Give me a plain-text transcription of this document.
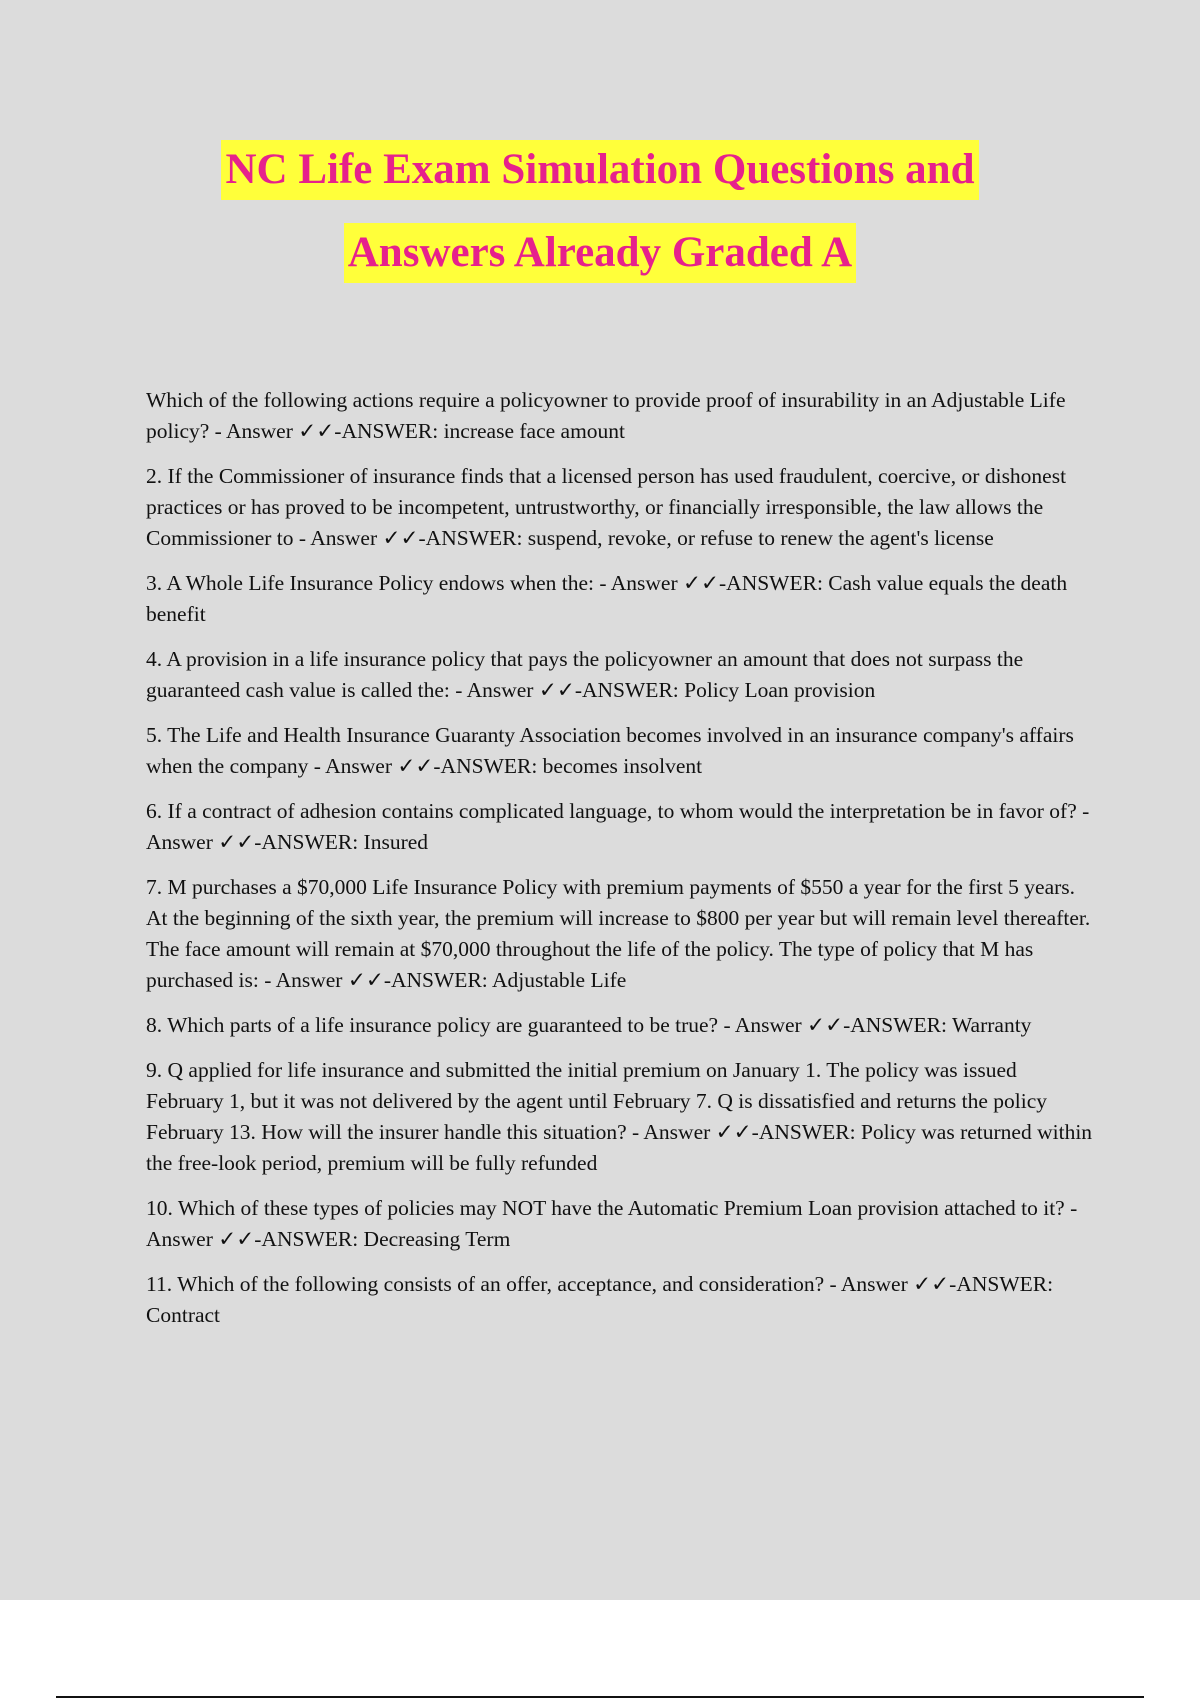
NC Life Exam Simulation Questions and
Answers Already Graded A

Which of the following actions require a policyowner to provide proof of insurability in an Adjustable Life policy? - Answer ✓✓-ANSWER: increase face amount

2. If the Commissioner of insurance finds that a licensed person has used fraudulent, coercive, or dishonest practices or has proved to be incompetent, untrustworthy, or financially irresponsible, the law allows the Commissioner to - Answer ✓✓-ANSWER: suspend, revoke, or refuse to renew the agent's license

3. A Whole Life Insurance Policy endows when the: - Answer ✓✓-ANSWER: Cash value equals the death benefit

4. A provision in a life insurance policy that pays the policyowner an amount that does not surpass the guaranteed cash value is called the: - Answer ✓✓-ANSWER: Policy Loan provision

5. The Life and Health Insurance Guaranty Association becomes involved in an insurance company's affairs when the company - Answer ✓✓-ANSWER: becomes insolvent

6. If a contract of adhesion contains complicated language, to whom would the interpretation be in favor of? - Answer ✓✓-ANSWER: Insured

7. M purchases a $70,000 Life Insurance Policy with premium payments of $550 a year for the first 5 years. At the beginning of the sixth year, the premium will increase to $800 per year but will remain level thereafter. The face amount will remain at $70,000 throughout the life of the policy. The type of policy that M has purchased is: - Answer ✓✓-ANSWER: Adjustable Life

8. Which parts of a life insurance policy are guaranteed to be true? - Answer ✓✓-ANSWER: Warranty

9. Q applied for life insurance and submitted the initial premium on January 1. The policy was issued February 1, but it was not delivered by the agent until February 7. Q is dissatisfied and returns the policy February 13. How will the insurer handle this situation? - Answer ✓✓-ANSWER: Policy was returned within the free-look period, premium will be fully refunded

10. Which of these types of policies may NOT have the Automatic Premium Loan provision attached to it? - Answer ✓✓-ANSWER: Decreasing Term

11. Which of the following consists of an offer, acceptance, and consideration? - Answer ✓✓-ANSWER: Contract
